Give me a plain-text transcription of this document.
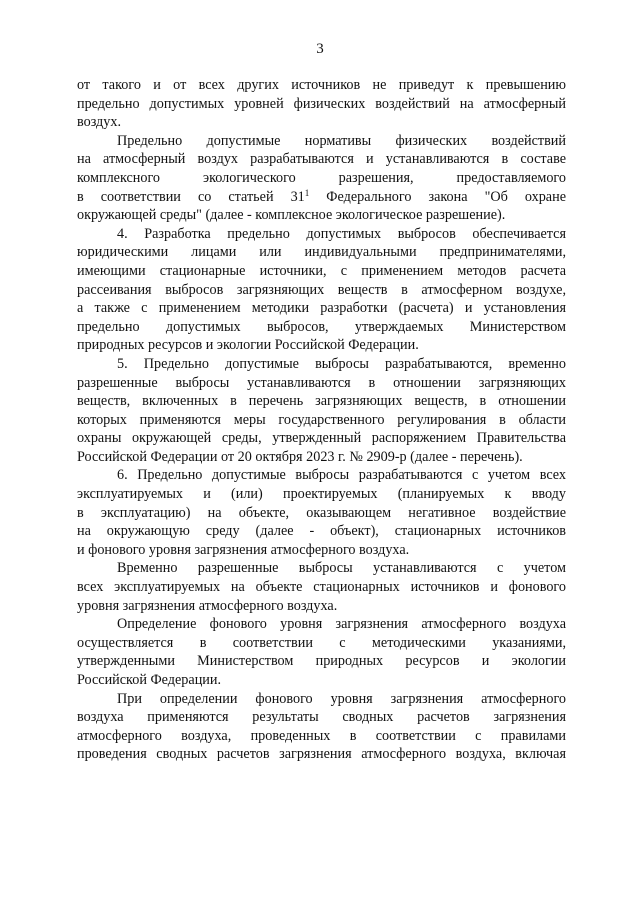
3
от такого и от всех других источников не приведут к превышению
предельно допустимых уровней физических воздействий на атмосферный
воздух.
Предельно допустимые нормативы физических воздействий
на атмосферный воздух разрабатываются и устанавливаются в составе
комплексного экологического разрешения, предоставляемого
в соответствии со статьей $31^1$ Федерального закона "Об охране
окружающей среды" (далее - комплексное экологическое разрешение).
4. Разработка предельно допустимых выбросов обеспечивается
юридическими лицами или индивидуальными предпринимателями,
имеющими стационарные источники, с применением методов расчета
рассеивания выбросов загрязняющих веществ в атмосферном воздухе,
а также с применением методики разработки (расчета) и установления
предельно допустимых выбросов, утверждаемых Министерством
природных ресурсов и экологии Российской Федерации.
5. Предельно допустимые выбросы разрабатываются, временно
разрешенные выбросы устанавливаются в отношении загрязняющих
веществ, включенных в перечень загрязняющих веществ, в отношении
которых применяются меры государственного регулирования в области
охраны окружающей среды, утвержденный распоряжением Правительства
Российской Федерации от 20 октября 2023 г. № 2909-р (далее - перечень).
6. Предельно допустимые выбросы разрабатываются с учетом всех
эксплуатируемых и (или) проектируемых (планируемых к вводу
в эксплуатацию) на объекте, оказывающем негативное воздействие
на окружающую среду (далее - объект), стационарных источников
и фонового уровня загрязнения атмосферного воздуха.
Временно разрешенные выбросы устанавливаются с учетом
всех эксплуатируемых на объекте стационарных источников и фонового
уровня загрязнения атмосферного воздуха.
Определение фонового уровня загрязнения атмосферного воздуха
осуществляется в соответствии с методическими указаниями,
утвержденными Министерством природных ресурсов и экологии
Российской Федерации.
При определении фонового уровня загрязнения атмосферного
воздуха применяются результаты сводных расчетов загрязнения
атмосферного воздуха, проведенных в соответствии с правилами
проведения сводных расчетов загрязнения атмосферного воздуха, включая
